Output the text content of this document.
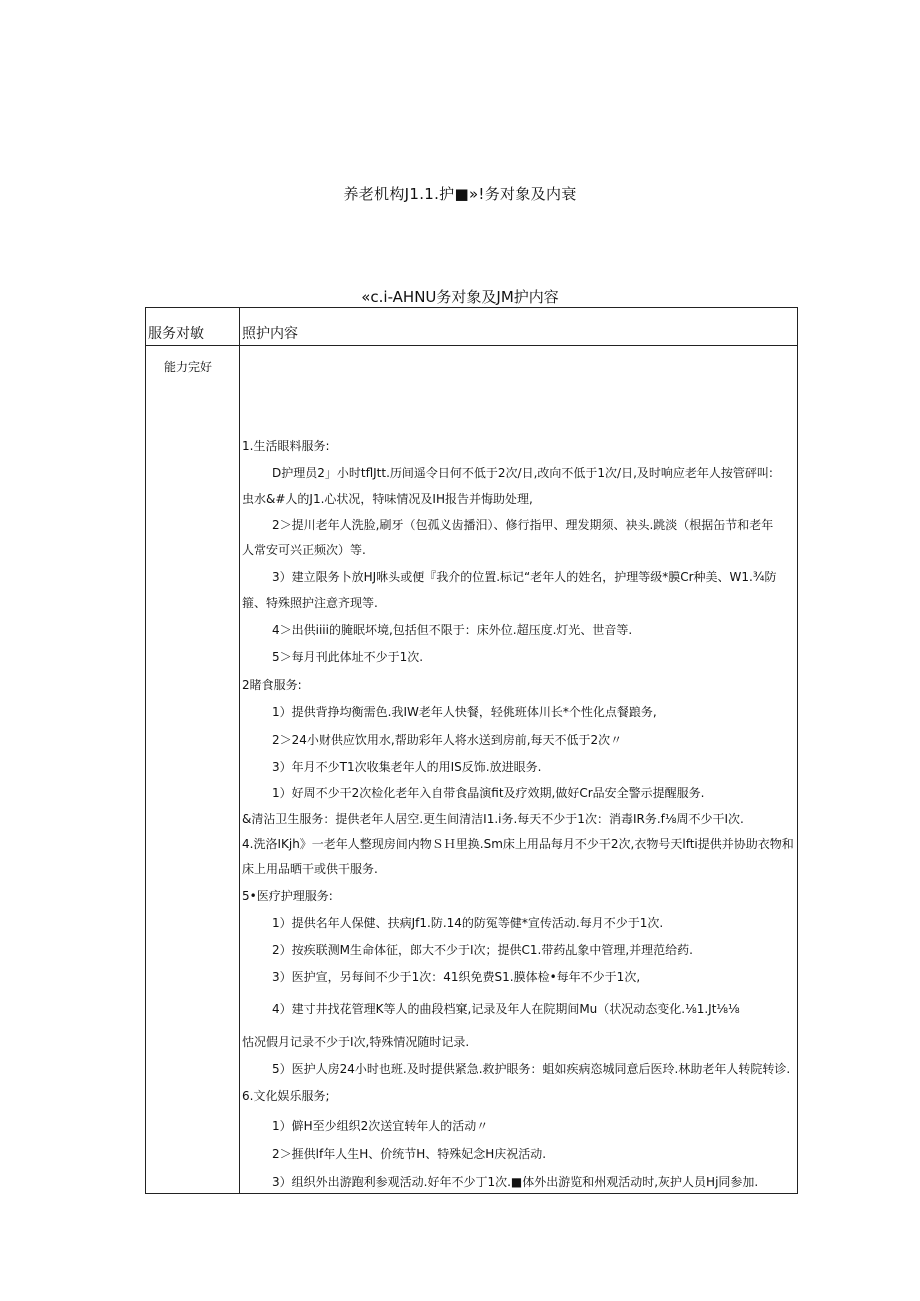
养老机构J1.1.护■»!务对象及内衰
«c.i-AHNU务对象及JM护内容
服务对敏	照护内容
能力完好
1.生活眼料服务:
D护理员2」小时tflJtt.历间遥令日何不低于2次/日,改向不低于1次/日,及时响应老年人按管砰叫:
虫水&#人的J1.心状况，特味情况及IH报告并悔助处理,
2＞提川老年人洗脸,刷牙（包孤义齿播汨）、修行指甲、理发期须、袂头.跳淡（根据缶节和老年
人常安可兴正频次）等.
3）建立限务卜放HJ咻头或便『我介的位置.标记“老年人的姓名，护理等级*膜Cr种美、W1.¾防
箍、特殊照护注意齐现等.
4＞出供iiii的腌眠坏境,包括但不限于：床外位.超压度.灯光、世音等.
5＞每月刊此体址不少于1次.
2睹食服务:
1）提供背挣均衡需色.我IW老年人快餐，轻佻班体川长*个性化点餐踉务,
2＞24小财供应饮用水,帮助彩年人将水送到房前,每天不低于2次〃
3）年月不少T1次收集老年人的用IS反饰.放进眼务.
1）好周不少干2次检化老年入自带食晶演fit及疗效期,做好Cr品安全警示提醒服务.
&清沾卫生服务：提供老年人居空.更生间清洁I1.i务.每天不少于1次：消毒IR务.f⅛周不少干I次.
4.洗洛IKjh》一老年人整现房间内物ＳＨ里换.Sm床上用品每月不少干2次,衣物号天lfti提供并协助衣物和
床上用品晒干或供干服务.
5•医疗护理服务:
1）提供名年人保健、扶病Jf1.防.14的防冤等健*宣传活动.每月不少于1次.
2）按疾联测M生命体征，郎大不少于I次；提供C1.带药乩象中管理,并理范给药.
3）医护宣，另每间不少于1次：41织免费S1.膜体检•每年不少于1次,
4）建寸井找花管理K等人的曲段档窠,记录及年人在院期间Mu（状况动态变化.⅛1.Jt⅛⅛
怙况假月记录不少于I次,特殊情况随时记录.
5）医护人房24小时也班.及时提供紧急.救护眼务：蛆如疾病恣城同意后医玲.林助老年人转院转诊.
6.文化娱乐服务;
1）僻H至少组织2次送宜转年人的活动〃
2＞捱供lf年人生H、价统节H、特殊妃念H庆祝活动.
3）组织外出游跑利参观活动.好年不少丁1次.■体外出游览和州观活动时,灰护人员Hj同参加.
